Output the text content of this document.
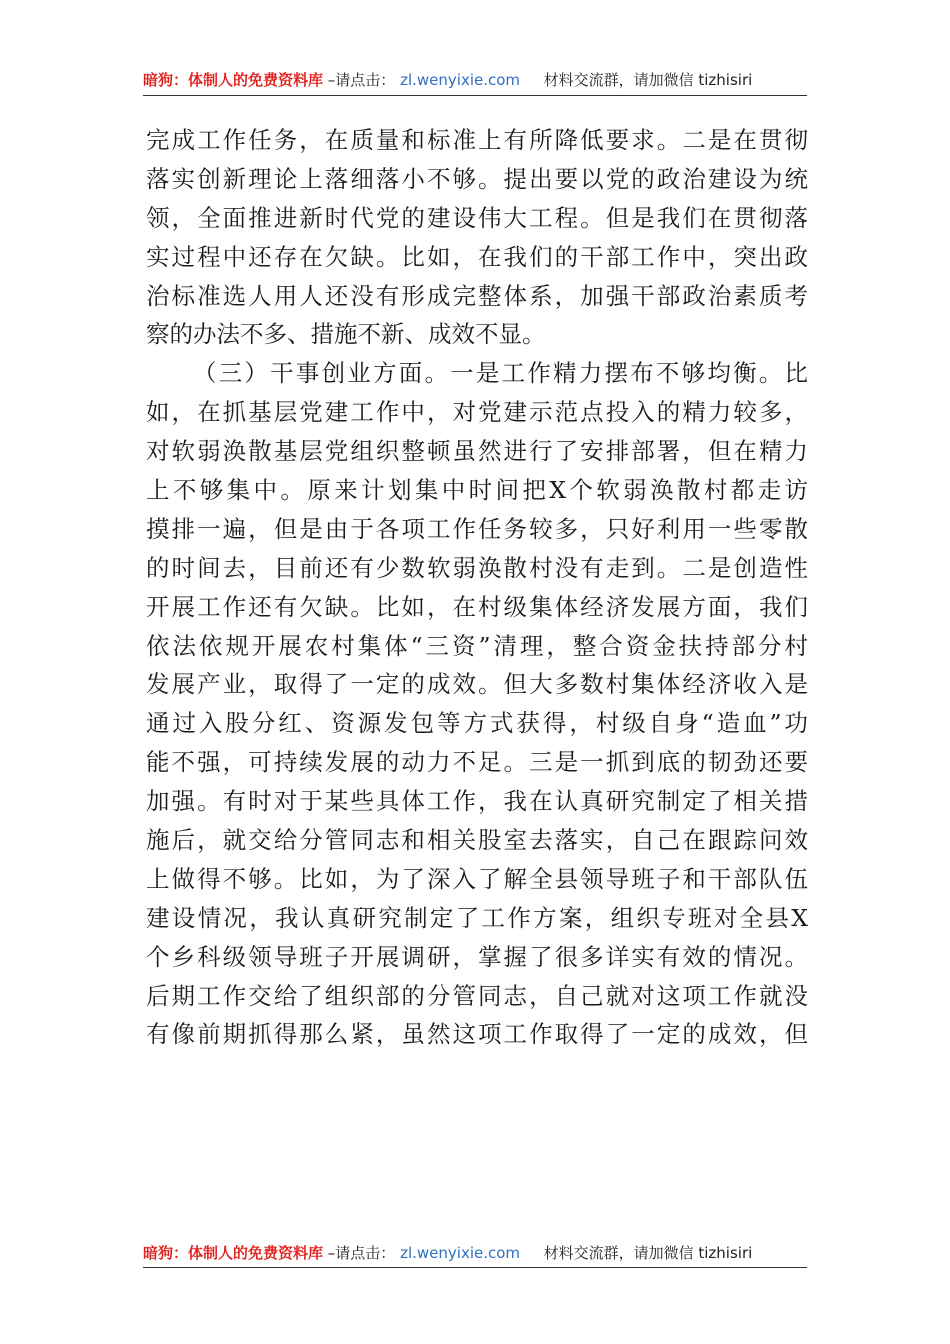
暗狗：体制人的免费资料库 –请点击： zl.wenyixie.com 材料交流群，请加微信 tizhisiri
完成工作任务，在质量和标准上有所降低要求。二是在贯彻
落实创新理论上落细落小不够。提出要以党的政治建设为统
领，全面推进新时代党的建设伟大工程。但是我们在贯彻落
实过程中还存在欠缺。比如，在我们的干部工作中，突出政
治标准选人用人还没有形成完整体系，加强干部政治素质考
察的办法不多、措施不新、成效不显。
（三）干事创业方面。一是工作精力摆布不够均衡。比
如，在抓基层党建工作中，对党建示范点投入的精力较多，
对软弱涣散基层党组织整顿虽然进行了安排部署，但在精力
上不够集中。原来计划集中时间把X个软弱涣散村都走访
摸排一遍，但是由于各项工作任务较多，只好利用一些零散
的时间去，目前还有少数软弱涣散村没有走到。二是创造性
开展工作还有欠缺。比如，在村级集体经济发展方面，我们
依法依规开展农村集体“三资”清理，整合资金扶持部分村
发展产业，取得了一定的成效。但大多数村集体经济收入是
通过入股分红、资源发包等方式获得，村级自身“造血”功
能不强，可持续发展的动力不足。三是一抓到底的韧劲还要
加强。有时对于某些具体工作，我在认真研究制定了相关措
施后，就交给分管同志和相关股室去落实，自己在跟踪问效
上做得不够。比如，为了深入了解全县领导班子和干部队伍
建设情况，我认真研究制定了工作方案，组织专班对全县X
个乡科级领导班子开展调研，掌握了很多详实有效的情况。
后期工作交给了组织部的分管同志，自己就对这项工作就没
有像前期抓得那么紧，虽然这项工作取得了一定的成效，但
暗狗：体制人的免费资料库 –请点击： zl.wenyixie.com 材料交流群，请加微信 tizhisiri
